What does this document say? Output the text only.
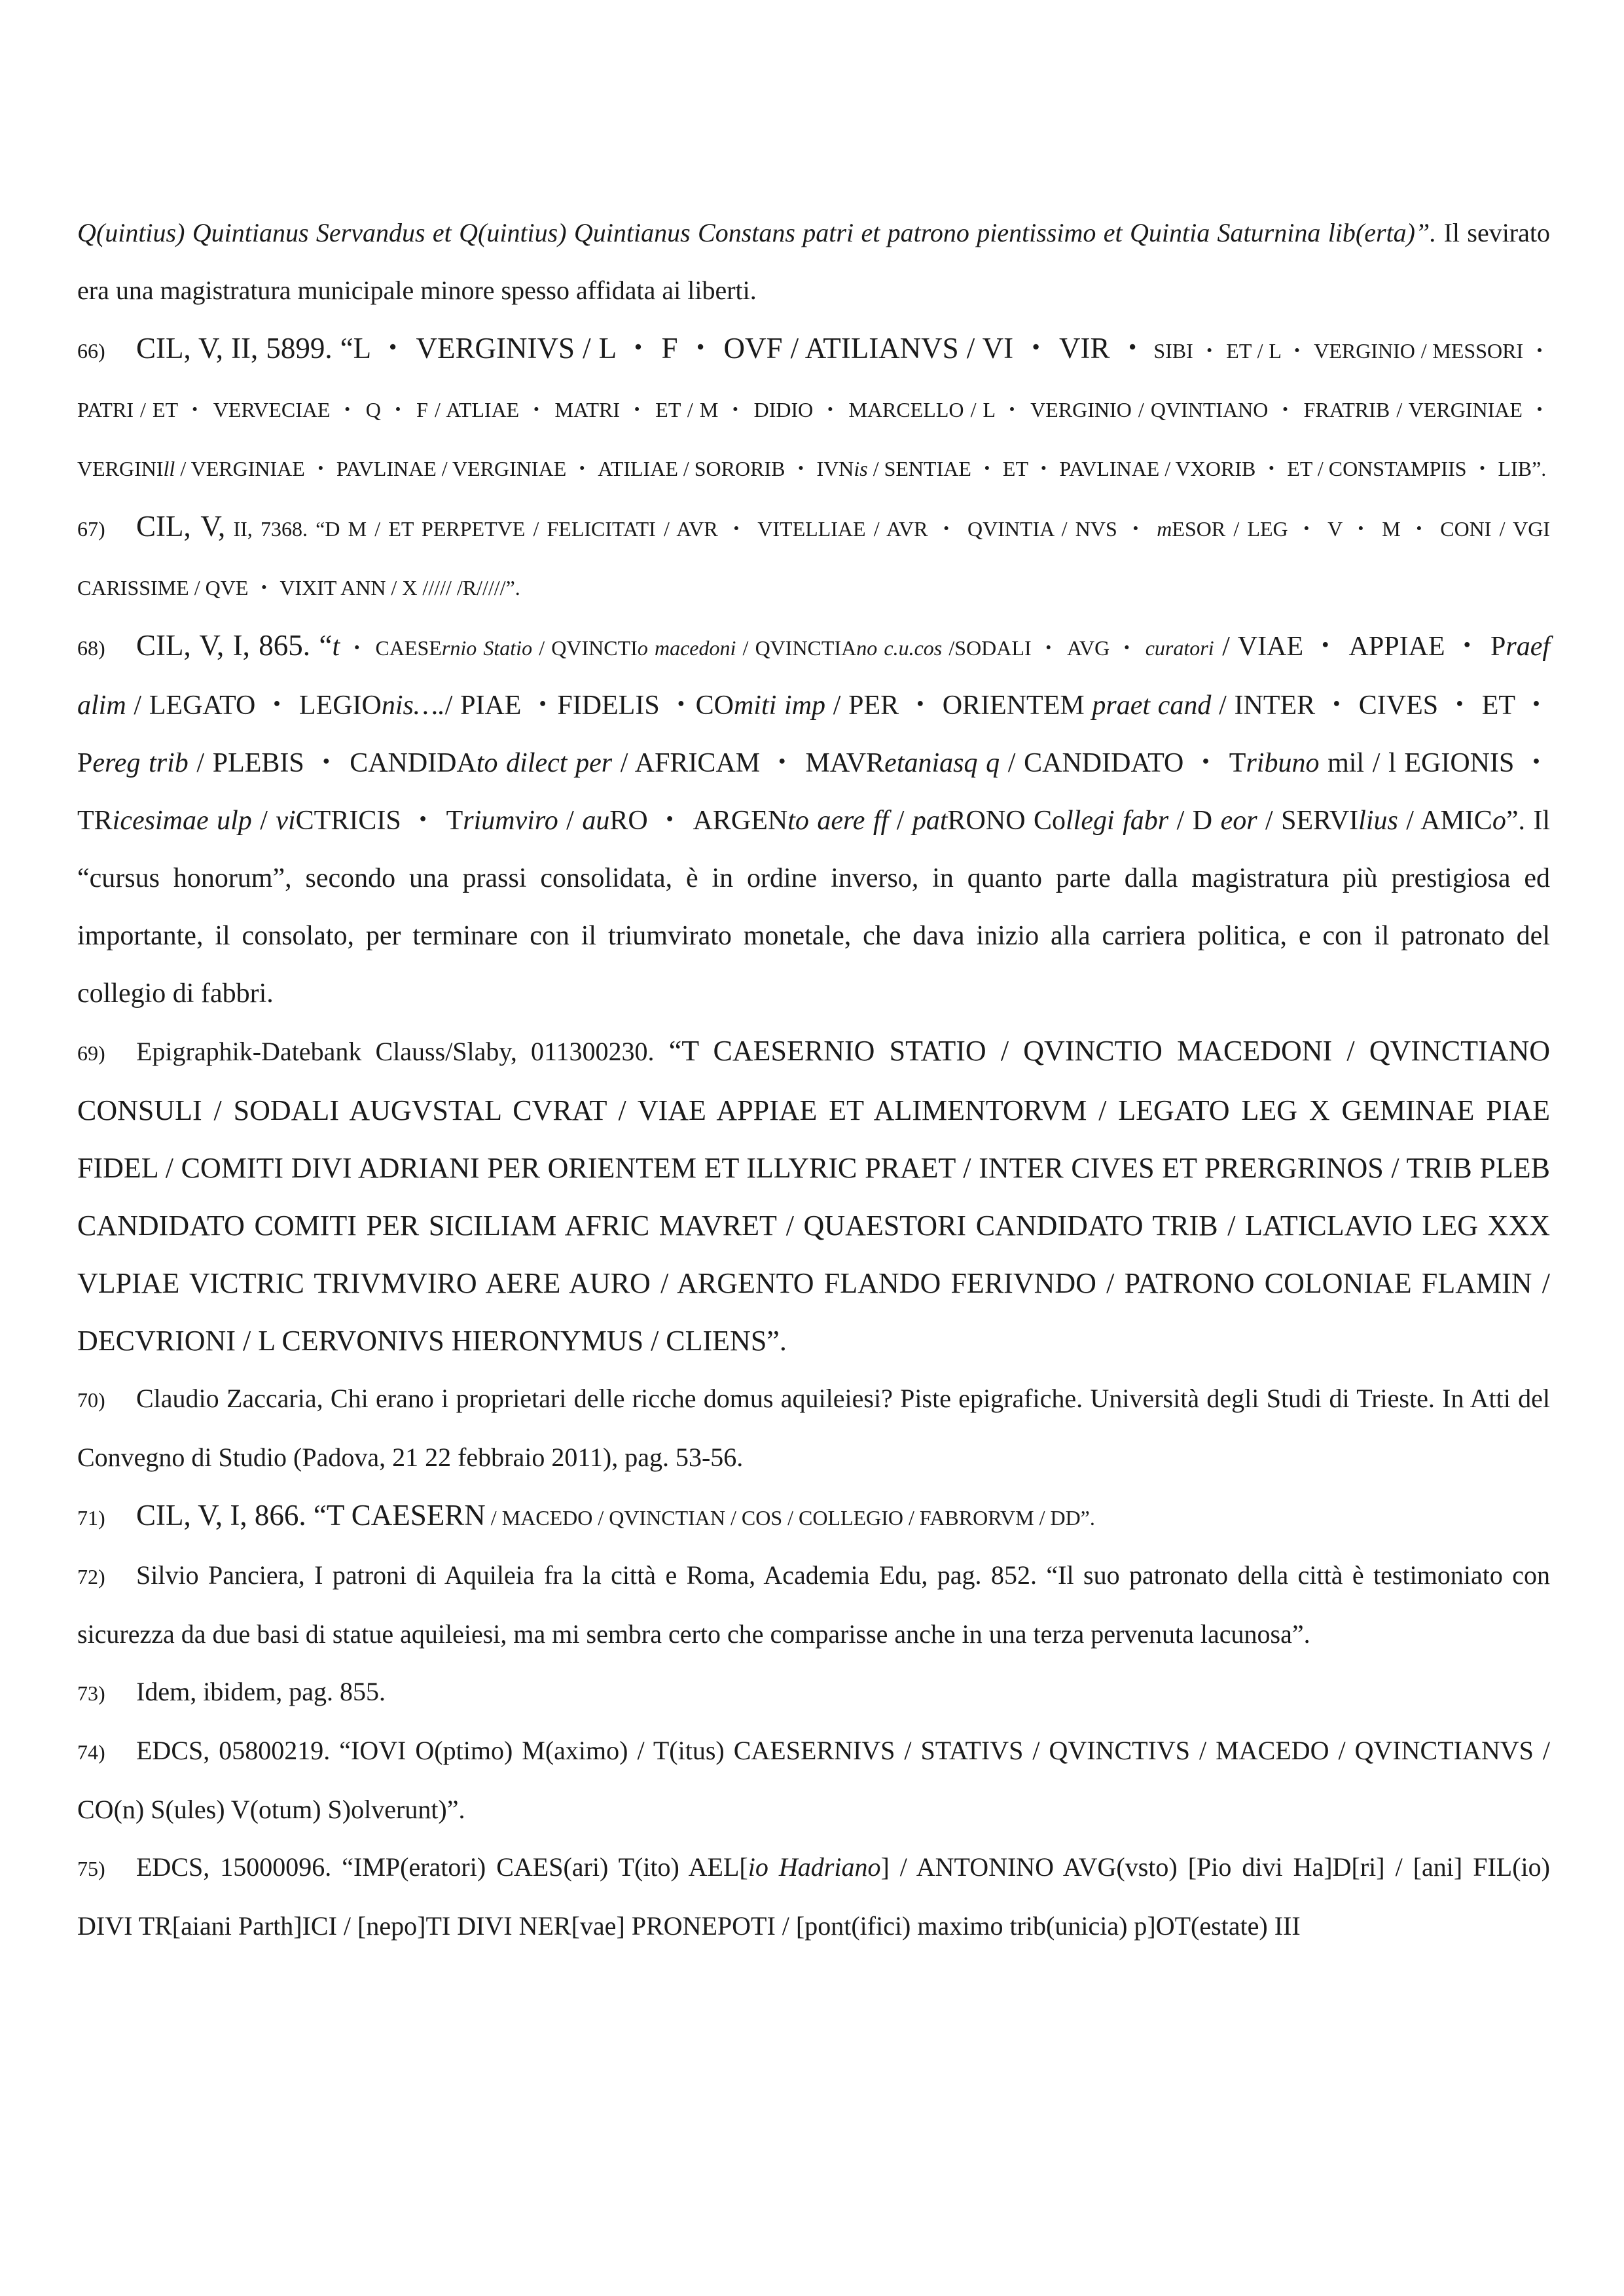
Q(uintius) Quintianus Servandus et Q(uintius) Quintianus Constans patri et patrono pientissimo et Quintia Saturnina lib(erta)”. Il sevirato era una magistratura municipale minore spesso affidata ai liberti.

66) CIL, V, II, 5899. “L ・ VERGINIVS / L ・ F ・ OVF / ATILIANVS / VI ・ VIR ・ SIBI ・ ET / L ・ VERGINIO / MESSORI ・ PATRI / ET ・ VERVECIAE ・ Q ・ F / ATLIAE ・ MATRI ・ ET / M ・ DIDIO ・ MARCELLO / L ・ VERGINIO / QVINTIANO ・ FRATRIB / VERGINIAE ・ VERGINIll / VERGINIAE ・ PAVLINAE / VERGINIAE ・ ATILIAE / SORORIB ・ IVNis / SENTIAE ・ ET ・ PAVLINAE / VXORIB ・ ET / CONSTAMPIIS ・ LIB”.

67) CIL, V, II, 7368. “D M / ET PERPETVE / FELICITATI / AVR ・ VITELLIAE / AVR ・ QVINTIA / NVS ・ mESOR / LEG ・ V ・ M ・ CONI / VGI CARISSIME / QVE ・ VIXIT ANN / X ///// /R/////”.

68) CIL, V, I, 865. “t ・ CAESErnio Statio / QVINCTIo macedoni / QVINCTIAno c.u.cos /SODALI ・ AVG ・ curatori / VIAE ・ APPIAE ・ Praef alim / LEGATO ・ LEGIOnis…./ PIAE ・FIDELIS ・COmiti imp / PER ・ ORIENTEM praet cand / INTER ・ CIVES ・ ET ・ Pereg trib / PLEBIS ・ CANDIDAto dilect per / AFRICAM ・ MAVRetaniasq q / CANDIDATO ・ Tribuno mil / l EGIONIS ・ TRicesimae ulp / viCTRICIS ・ Triumviro / auRO ・ ARGENto aere ff / patRONO Collegi fabr / D eor / SERVIlius / AMICo”. Il “cursus honorum”, secondo una prassi consolidata, è in ordine inverso, in quanto parte dalla magistratura più prestigiosa ed importante, il consolato, per terminare con il triumvirato monetale, che dava inizio alla carriera politica, e con il patronato del collegio di fabbri.

69) Epigraphik-Datebank Clauss/Slaby, 011300230. “T CAESERNIO STATIO / QVINCTIO MACEDONI / QVINCTIANO CONSULI / SODALI AUGVSTAL CVRAT / VIAE APPIAE ET ALIMENTORVM / LEGATO LEG X GEMINAE PIAE FIDEL / COMITI DIVI ADRIANI PER ORIENTEM ET ILLYRIC PRAET / INTER CIVES ET PRERGRINOS / TRIB PLEB CANDIDATO COMITI PER SICILIAM AFRIC MAVRET / QUAESTORI CANDIDATO TRIB / LATICLAVIO LEG XXX VLPIAE VICTRIC TRIVMVIRO AERE AURO / ARGENTO FLANDO FERIVNDO / PATRONO COLONIAE FLAMIN / DECVRIONI / L CERVONIVS HIERONYMUS / CLIENS”.

70) Claudio Zaccaria, Chi erano i proprietari delle ricche domus aquileiesi? Piste epigrafiche. Università degli Studi di Trieste. In Atti del Convegno di Studio (Padova, 21 22 febbraio 2011), pag. 53-56.

71) CIL, V, I, 866. “T CAESERN / MACEDO / QVINCTIAN / COS / COLLEGIO / FABRORVM / DD”.

72) Silvio Panciera, I patroni di Aquileia fra la città e Roma, Academia Edu, pag. 852. “Il suo patronato della città è testimoniato con sicurezza da due basi di statue aquileiesi, ma mi sembra certo che comparisse anche in una terza pervenuta lacunosa”.

73) Idem, ibidem, pag. 855.

74) EDCS, 05800219. “IOVI O(ptimo) M(aximo) / T(itus) CAESERNIVS / STATIVS / QVINCTIVS / MACEDO / QVINCTIANVS / CO(n) S(ules) V(otum) S)olverunt)”.

75) EDCS, 15000096. “IMP(eratori) CAES(ari) T(ito) AEL[io Hadriano] / ANTONINO AVG(vsto) [Pio divi Ha]D[ri] / [ani] FIL(io) DIVI TR[aiani Parth]ICI / [nepo]TI DIVI NER[vae] PRONEPOTI / [pont(ifici) maximo trib(unicia) p]OT(estate) III
